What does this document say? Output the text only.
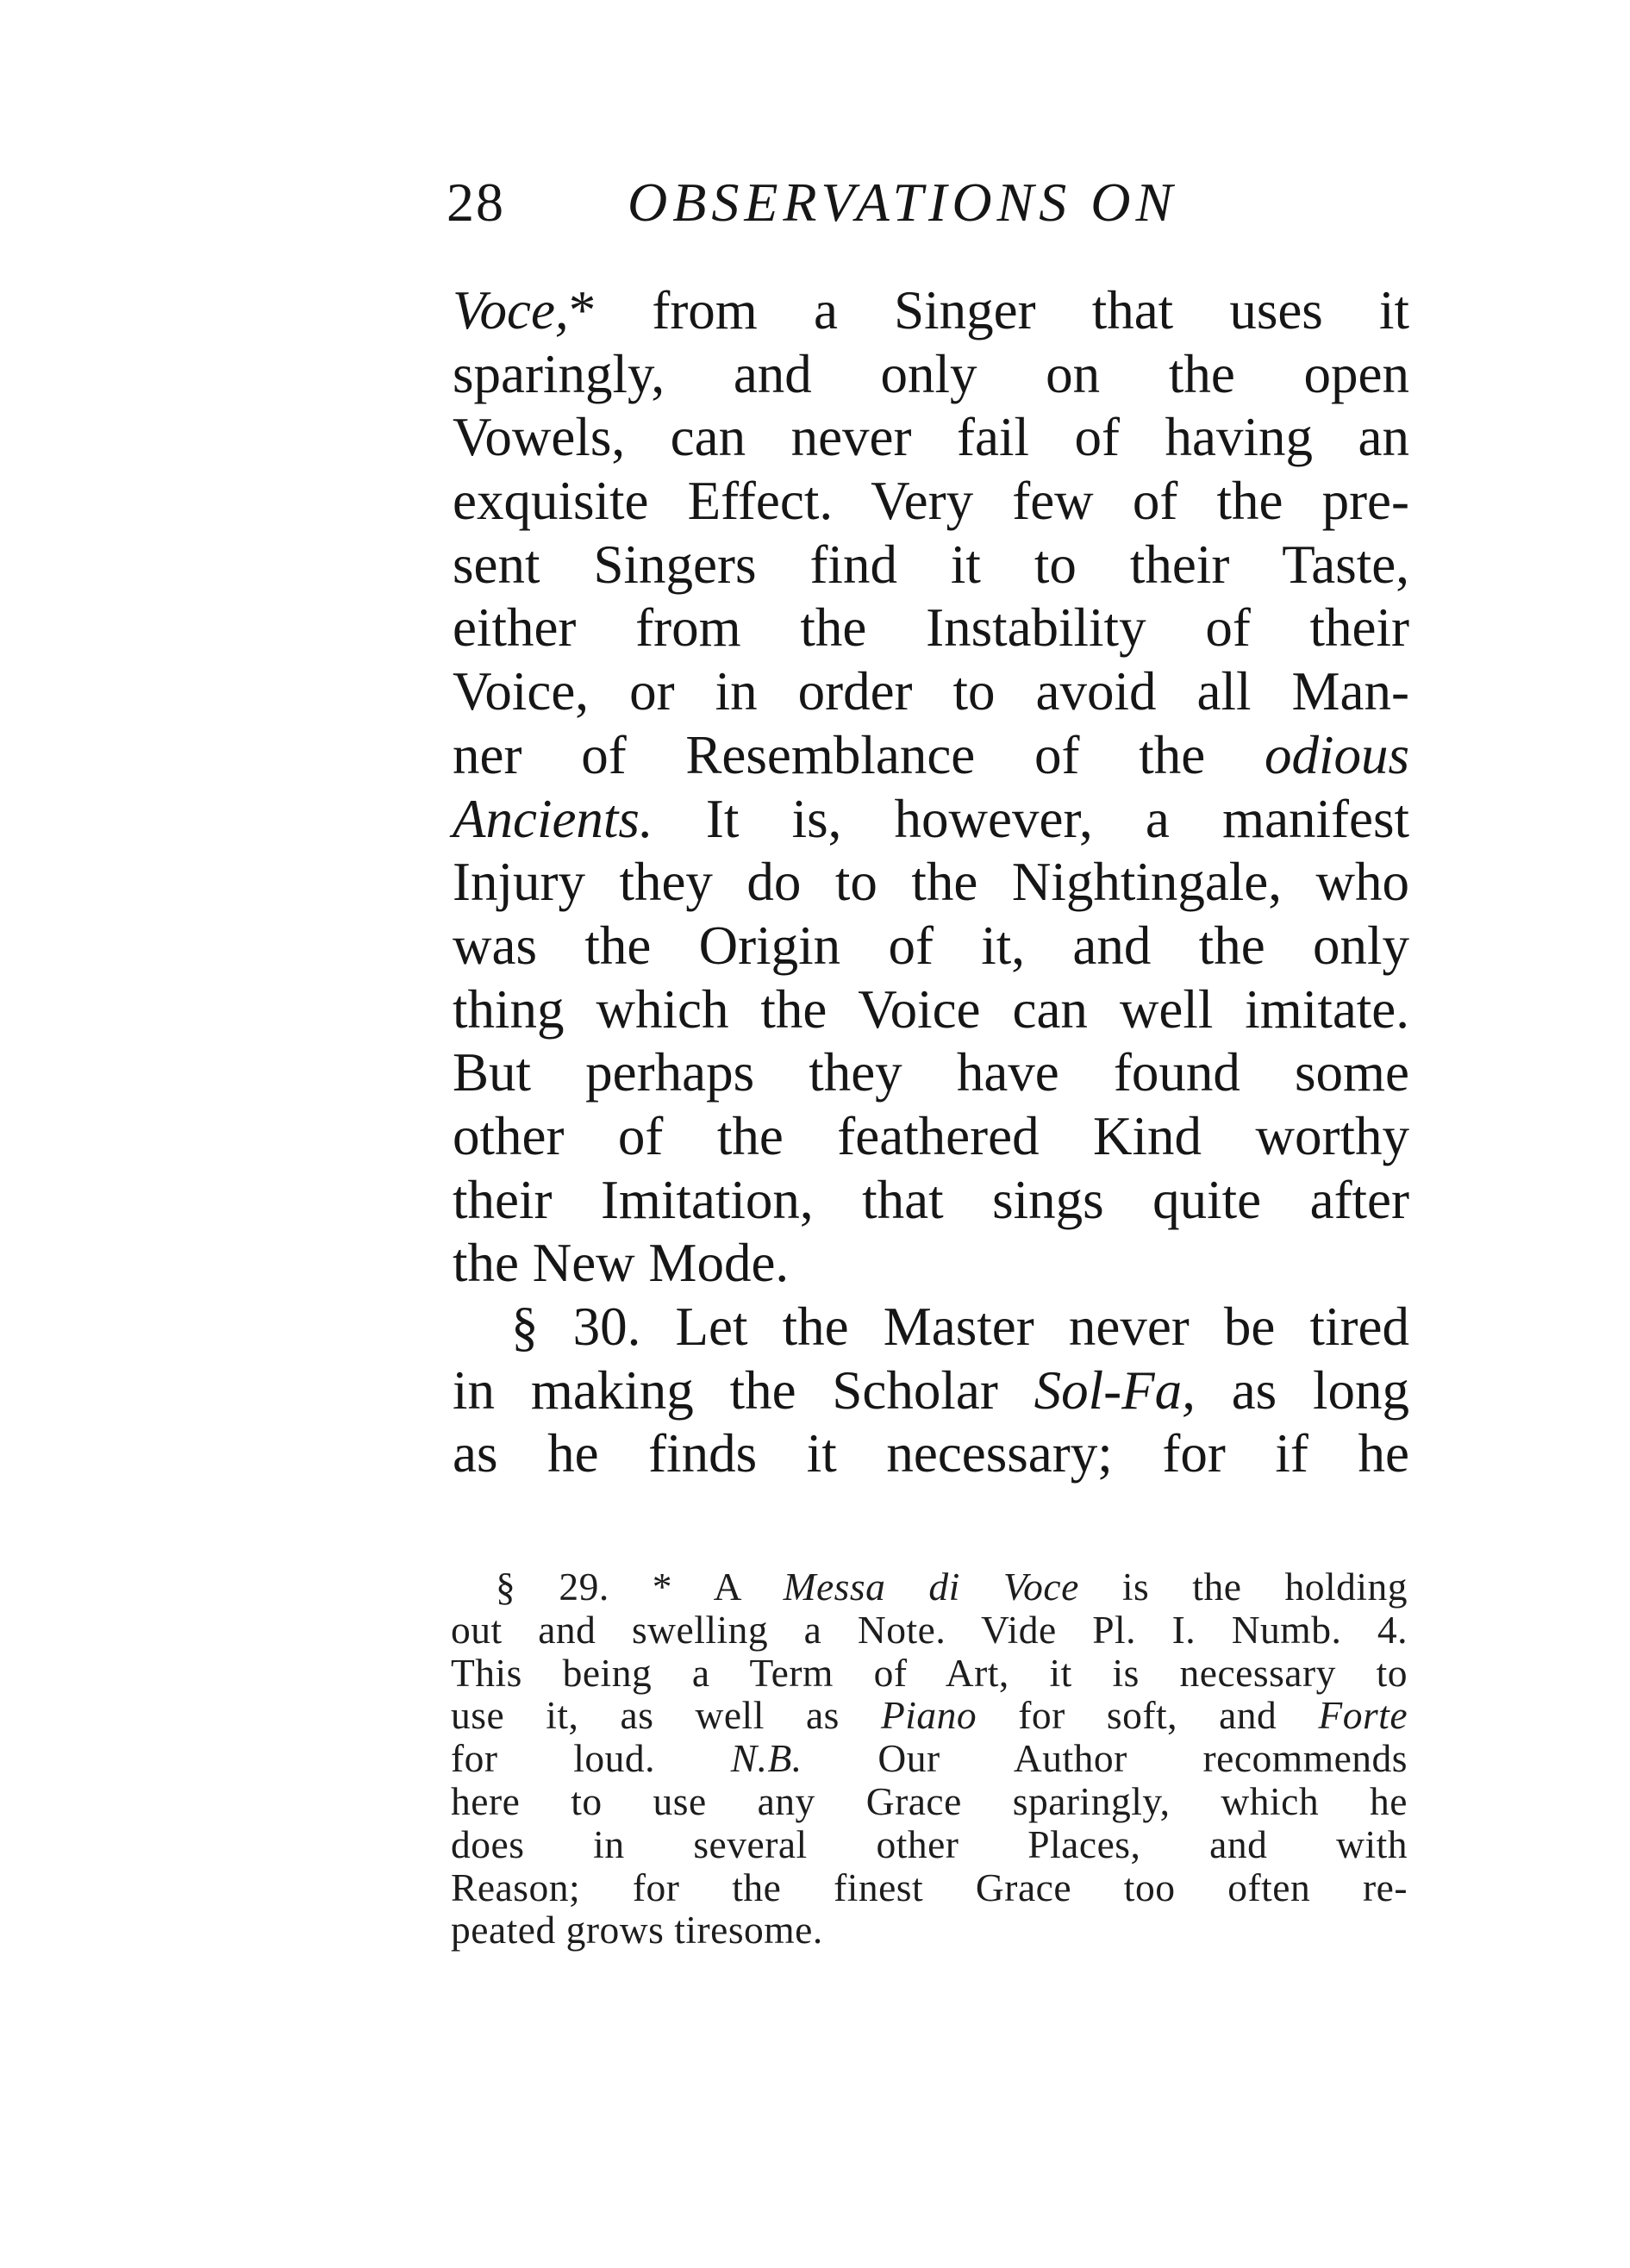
28 OBSERVATIONS ON
Voce,* from a Singer that uses it
sparingly, and only on the open
Vowels, can never fail of having an
exquisite Effect. Very few of the pre-
sent Singers find it to their Taste,
either from the Instability of their
Voice, or in order to avoid all Man-
ner of Resemblance of the odious
Ancients. It is, however, a manifest
Injury they do to the Nightingale, who
was the Origin of it, and the only
thing which the Voice can well imitate.
But perhaps they have found some
other of the feathered Kind worthy
their Imitation, that sings quite after
the New Mode.
§ 30. Let the Master never be tired
in making the Scholar Sol-Fa, as long
as he finds it necessary; for if he
§ 29. * A Messa di Voce is the holding
out and swelling a Note. Vide Pl. I. Numb. 4.
This being a Term of Art, it is necessary to
use it, as well as Piano for soft, and Forte
for loud. N.B. Our Author recommends
here to use any Grace sparingly, which he
does in several other Places, and with
Reason; for the finest Grace too often re-
peated grows tiresome.
